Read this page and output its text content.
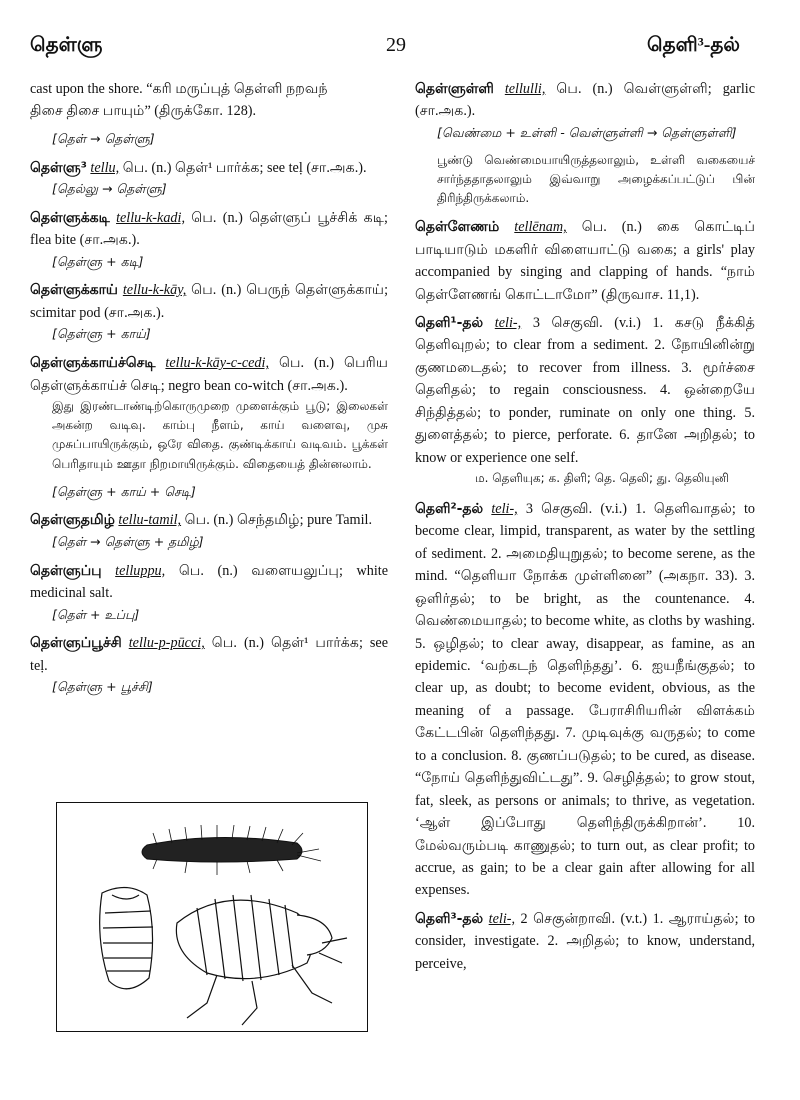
தெள்ளு	29	தெளி³-தல்

cast upon the shore. “கரி மருப்புத் தெள்ளி நறவந்

திசை திசை பாயும்” (திருக்கோ. 128).

[தெள் → தெள்ளு]

தெள்ளு³ tellu, பெ. (n.) தெள்¹ பார்க்க; see teḷ (சா.அக.).

[தெல்லு → தெள்ளு]

தெள்ளுக்கடி tellu-k-kadi, பெ. (n.) தெள்ளுப் பூச்சிக் கடி; flea bite (சா.அக.).

[தெள்ளு + கடி]

தெள்ளுக்காய் tellu-k-kāy, பெ. (n.) பெருந் தெள்ளுக்காய்; scimitar pod (சா.அக.).

[தெள்ளு + காய்]

தெள்ளுக்காய்ச்செடி tellu-k-kāy-c-cedi, பெ. (n.) பெரிய தெள்ளுக்காய்ச் செடி; negro bean co-witch (சா.அக.).

இது இரண்டாண்டிற்கொருமுறை முளைக்கும் பூடு; இலைகள் அகன்ற வடிவு. காம்பு நீளம், காய் வளைவு, முசு முசுப்பாயிருக்கும், ஒரே விதை. குண்டிக்காய் வடிவம். பூக்கள் பெரிதாயும் ஊதா நிறமாயிருக்கும். விதையைத் தின்னலாம்.

[தெள்ளு + காய் + செடி]

தெள்ளுதமிழ் tellu-tamil, பெ. (n.) செந்தமிழ்; pure Tamil.

[தெள் → தெள்ளு + தமிழ்]

தெள்ளுப்பு telluppu, பெ. (n.) வளையலுப்பு; white medicinal salt.

[தெள் + உப்பு]

தெள்ளுப்பூச்சி tellu-p-pūcci, பெ. (n.) தெள்¹ பார்க்க; see teḷ.

[தெள்ளு + பூச்சி]

தெள்ளுள்ளி tellulli, பெ. (n.) வெள்ளுள்ளி; garlic (சா.அக.).

[வெண்மை + உள்ளி - வெள்ளுள்ளி → தெள்ளுள்ளி]

பூண்டு வெண்மையாயிருத்தலாலும், உள்ளி வகையைச் சார்ந்ததாதலாலும் இவ்வாறு அழைக்கப்பட்டுப் பின் திரிந்திருக்கலாம்.

தெள்ளேணம் tellēnam, பெ. (n.) கை கொட்டிப் பாடியாடும் மகளிர் விளையாட்டு வகை; a girls' play accompanied by singing and clapping of hands. “நாம் தெள்ளேணங் கொட்டாமோ” (திருவாச. 11,1).

தெளி¹-தல் teli-, 3 செகுவி. (v.i.) 1. கசடு நீக்கித் தெளிவுறல்; to clear from a sediment. 2. நோயினின்று குணமடைதல்; to recover from illness. 3. மூர்ச்சை தெளிதல்; to regain consciousness. 4. ஒன்றையே சிந்தித்தல்; to ponder, ruminate on only one thing. 5. துளைத்தல்; to pierce, perforate. 6. தானே அறிதல்; to know or experience one self.

ம. தெளியுக; க. திளி; தெ. தெலி; து. தெலியுனி

தெளி²-தல் teli-, 3 செகுவி. (v.i.) 1. தெளிவாதல்; to become clear, limpid, transparent, as water by the settling of sediment. 2. அமைதியுறுதல்; to become serene, as the mind. “தெளியா நோக்க முள்ளினை” (அகநா. 33). 3. ஒளிர்தல்; to be bright, as the countenance. 4. வெண்மையாதல்; to become white, as cloths by washing. 5. ஒழிதல்; to clear away, disappear, as famine, as an epidemic. ‘வற்கடந் தெளிந்தது’. 6. ஐயநீங்குதல்; to clear up, as doubt; to become evident, obvious, as the meaning of a passage. பேராசிரியரின் விளக்கம் கேட்டபின் தெளிந்தது. 7. முடிவுக்கு வருதல்; to come to a conclusion. 8. குணப்படுதல்; to be cured, as disease. “நோய் தெளிந்துவிட்டது”. 9. செழித்தல்; to grow stout, fat, sleek, as persons or animals; to thrive, as vegetation. ‘ஆள் இப்போது தெளிந்திருக்கிறான்’. 10. மேல்வரும்படி காணுதல்; to turn out, as clear profit; to accrue, as gain; to be a clear gain after allowing for all expenses.

தெளி³-தல் teli-, 2 செகுன்றாவி. (v.t.) 1. ஆராய்தல்; to consider, investigate. 2. அறிதல்; to know, understand, perceive,
